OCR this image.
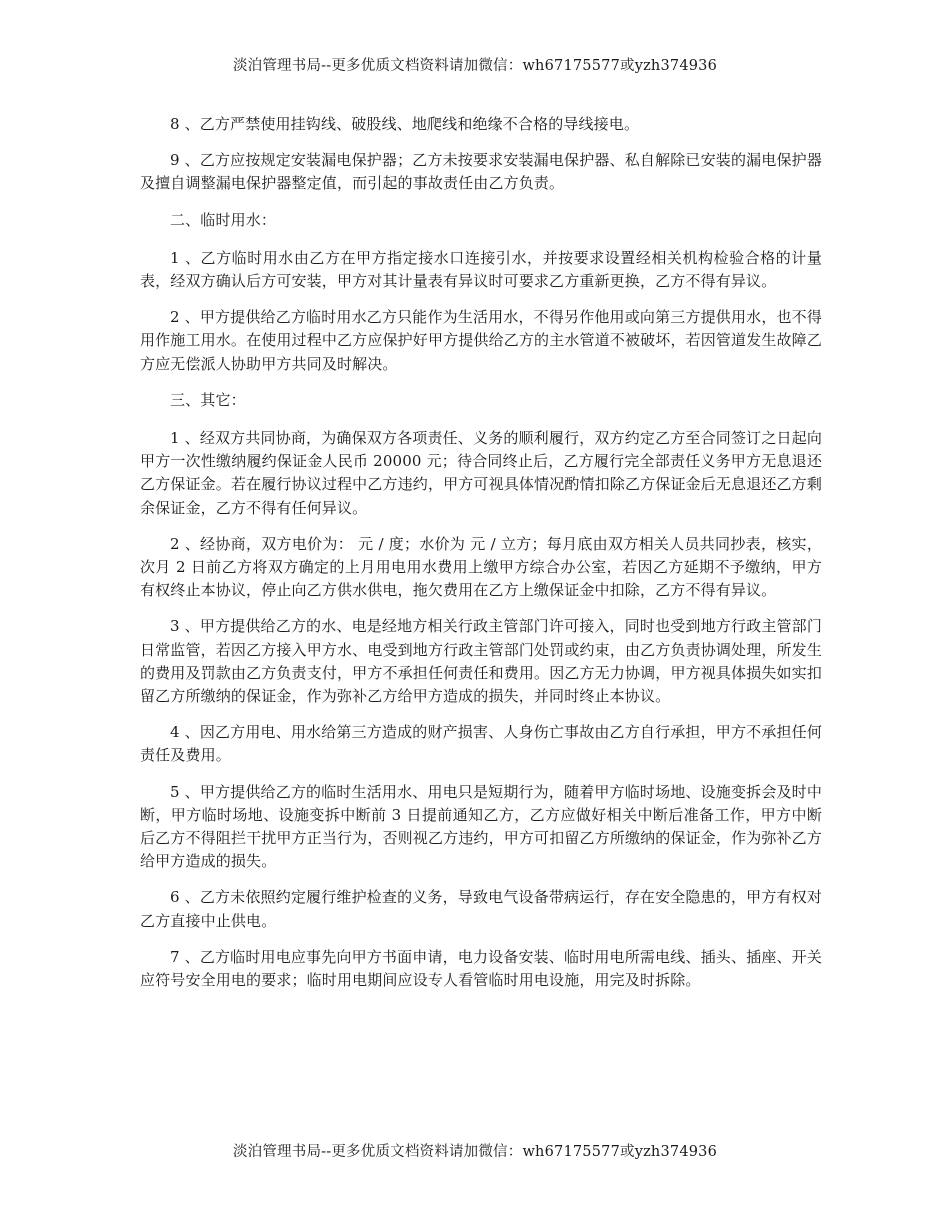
淡泊管理书局--更多优质文档资料请加微信：wh67175577或yzh374936

8 、乙方严禁使用挂钩线、破股线、地爬线和绝缘不合格的导线接电。

9 、乙方应按规定安装漏电保护器；乙方未按要求安装漏电保护器、私自解除已安装的漏电保护器及擅自调整漏电保护器整定值，而引起的事故责任由乙方负责。

二、临时用水：

1 、乙方临时用水由乙方在甲方指定接水口连接引水，并按要求设置经相关机构检验合格的计量表，经双方确认后方可安装，甲方对其计量表有异议时可要求乙方重新更换，乙方不得有异议。

2 、甲方提供给乙方临时用水乙方只能作为生活用水，不得另作他用或向第三方提供用水，也不得用作施工用水。在使用过程中乙方应保护好甲方提供给乙方的主水管道不被破坏，若因管道发生故障乙方应无偿派人协助甲方共同及时解决。

三、其它：

1 、经双方共同协商，为确保双方各项责任、义务的顺利履行，双方约定乙方至合同签订之日起向甲方一次性缴纳履约保证金人民币 20000 元；待合同终止后，乙方履行完全部责任义务甲方无息退还乙方保证金。若在履行协议过程中乙方违约，甲方可视具体情况酌情扣除乙方保证金后无息退还乙方剩余保证金，乙方不得有任何异议。

2 、经协商，双方电价为： 元 / 度；水价为 元 / 立方；每月底由双方相关人员共同抄表，核实，次月 2 日前乙方将双方确定的上月用电用水费用上缴甲方综合办公室，若因乙方延期不予缴纳，甲方有权终止本协议，停止向乙方供水供电，拖欠费用在乙方上缴保证金中扣除，乙方不得有异议。

3 、甲方提供给乙方的水、电是经地方相关行政主管部门许可接入，同时也受到地方行政主管部门日常监管，若因乙方接入甲方水、电受到地方行政主管部门处罚或约束，由乙方负责协调处理，所发生的费用及罚款由乙方负责支付，甲方不承担任何责任和费用。因乙方无力协调，甲方视具体损失如实扣留乙方所缴纳的保证金，作为弥补乙方给甲方造成的损失，并同时终止本协议。

4 、因乙方用电、用水给第三方造成的财产损害、人身伤亡事故由乙方自行承担，甲方不承担任何责任及费用。

5 、甲方提供给乙方的临时生活用水、用电只是短期行为，随着甲方临时场地、设施变拆会及时中断，甲方临时场地、设施变拆中断前 3 日提前通知乙方，乙方应做好相关中断后准备工作，甲方中断后乙方不得阻拦干扰甲方正当行为，否则视乙方违约，甲方可扣留乙方所缴纳的保证金，作为弥补乙方给甲方造成的损失。

6 、乙方未依照约定履行维护检查的义务，导致电气设备带病运行，存在安全隐患的，甲方有权对乙方直接中止供电。

7 、乙方临时用电应事先向甲方书面申请，电力设备安装、临时用电所需电线、插头、插座、开关应符号安全用电的要求；临时用电期间应设专人看管临时用电设施，用完及时拆除。

淡泊管理书局--更多优质文档资料请加微信：wh67175577或yzh374936
